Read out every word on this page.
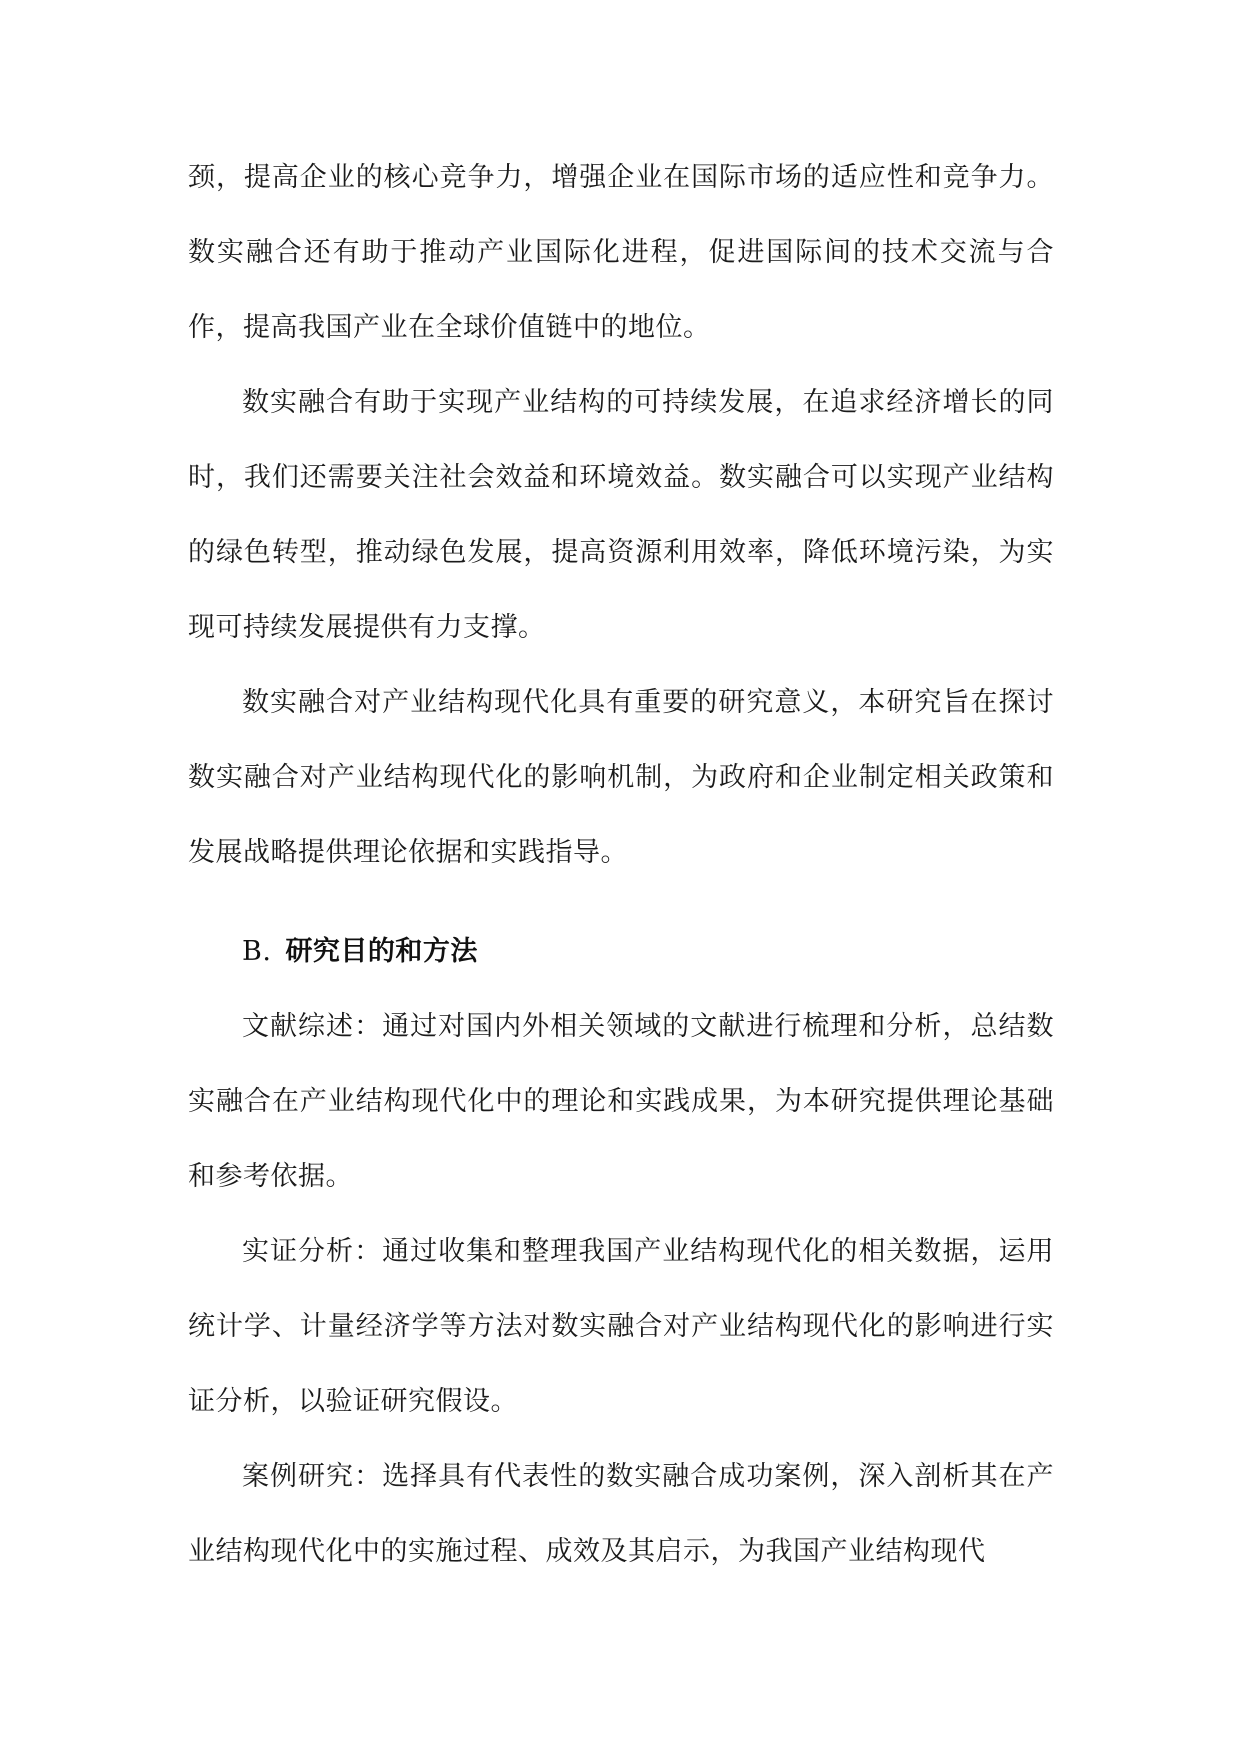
颈，提高企业的核心竞争力，增强企业在国际市场的适应性和竞争力。数实融合还有助于推动产业国际化进程，促进国际间的技术交流与合作，提高我国产业在全球价值链中的地位。

数实融合有助于实现产业结构的可持续发展，在追求经济增长的同时，我们还需要关注社会效益和环境效益。数实融合可以实现产业结构的绿色转型，推动绿色发展，提高资源利用效率，降低环境污染，为实现可持续发展提供有力支撑。

数实融合对产业结构现代化具有重要的研究意义，本研究旨在探讨数实融合对产业结构现代化的影响机制，为政府和企业制定相关政策和发展战略提供理论依据和实践指导。

B. 研究目的和方法

文献综述：通过对国内外相关领域的文献进行梳理和分析，总结数实融合在产业结构现代化中的理论和实践成果，为本研究提供理论基础和参考依据。

实证分析：通过收集和整理我国产业结构现代化的相关数据，运用统计学、计量经济学等方法对数实融合对产业结构现代化的影响进行实证分析，以验证研究假设。

案例研究：选择具有代表性的数实融合成功案例，深入剖析其在产业结构现代化中的实施过程、成效及其启示，为我国产业结构现代
